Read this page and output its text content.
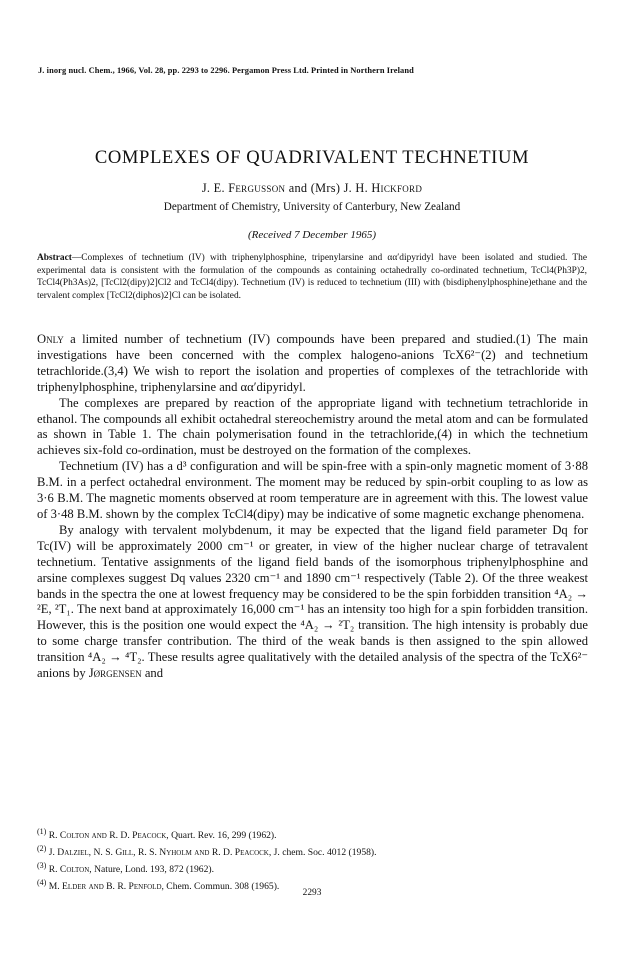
J. inorg nucl. Chem., 1966, Vol. 28, pp. 2293 to 2296. Pergamon Press Ltd. Printed in Northern Ireland
COMPLEXES OF QUADRIVALENT TECHNETIUM
J. E. Fergusson and (Mrs) J. H. Hickford
Department of Chemistry, University of Canterbury, New Zealand
(Received 7 December 1965)
Abstract—Complexes of technetium (IV) with triphenylphosphine, tripenylarsine and αα′dipyridyl have been isolated and studied. The experimental data is consistent with the formulation of the compounds as containing octahedrally co-ordinated technetium, TcCl4(Ph3P)2, TcCl4(Ph3As)2, [TcCl2(dipy)2]Cl2 and TcCl4(dipy). Technetium (IV) is reduced to technetium (III) with (bisdiphenylphosphine)ethane and the tervalent complex [TcCl2(diphos)2]Cl can be isolated.

Only a limited number of technetium (IV) compounds have been prepared and studied.(1) The main investigations have been concerned with the complex halogeno-anions TcX6²⁻(2) and technetium tetrachloride.(3,4) We wish to report the isolation and properties of complexes of the tetrachloride with triphenylphosphine, triphenylarsine and αα′dipyridyl.

The complexes are prepared by reaction of the appropriate ligand with technetium tetrachloride in ethanol. The compounds all exhibit octahedral stereochemistry around the metal atom and can be formulated as shown in Table 1. The chain polymerisation found in the tetrachloride,(4) in which the technetium achieves six-fold co-ordination, must be destroyed on the formation of the complexes.

Technetium (IV) has a d³ configuration and will be spin-free with a spin-only magnetic moment of 3·88 B.M. in a perfect octahedral environment. The moment may be reduced by spin-orbit coupling to as low as 3·6 B.M. The magnetic moments observed at room temperature are in agreement with this. The lowest value of 3·48 B.M. shown by the complex TcCl4(dipy) may be indicative of some magnetic exchange phenomena.

By analogy with tervalent molybdenum, it may be expected that the ligand field parameter Dq for Tc(IV) will be approximately 2000 cm⁻¹ or greater, in view of the higher nuclear charge of tetravalent technetium. Tentative assignments of the ligand field bands of the isomorphous triphenylphosphine and arsine complexes suggest Dq values 2320 cm⁻¹ and 1890 cm⁻¹ respectively (Table 2). Of the three weakest bands in the spectra the one at lowest frequency may be considered to be the spin forbidden transition ⁴A₂ → ²E, ²T₁. The next band at approximately 16,000 cm⁻¹ has an intensity too high for a spin forbidden transition. However, this is the position one would expect the ⁴A₂ → ²T₂ transition. The high intensity is probably due to some charge transfer contribution. The third of the weak bands is then assigned to the spin allowed transition ⁴A₂ → ⁴T₂. These results agree qualitatively with the detailed analysis of the spectra of the TcX6²⁻ anions by Jørgensen and

$^{(1)}$ R. Colton and R. D. Peacock, Quart. Rev. 16, 299 (1962).
$^{(2)}$ J. Dalziel, N. S. Gill, R. S. Nyholm and R. D. Peacock, J. chem. Soc. 4012 (1958).
$^{(3)}$ R. Colton, Nature, Lond. 193, 872 (1962).
$^{(4)}$ M. Elder and B. R. Penfold, Chem. Commun. 308 (1965).
2293
